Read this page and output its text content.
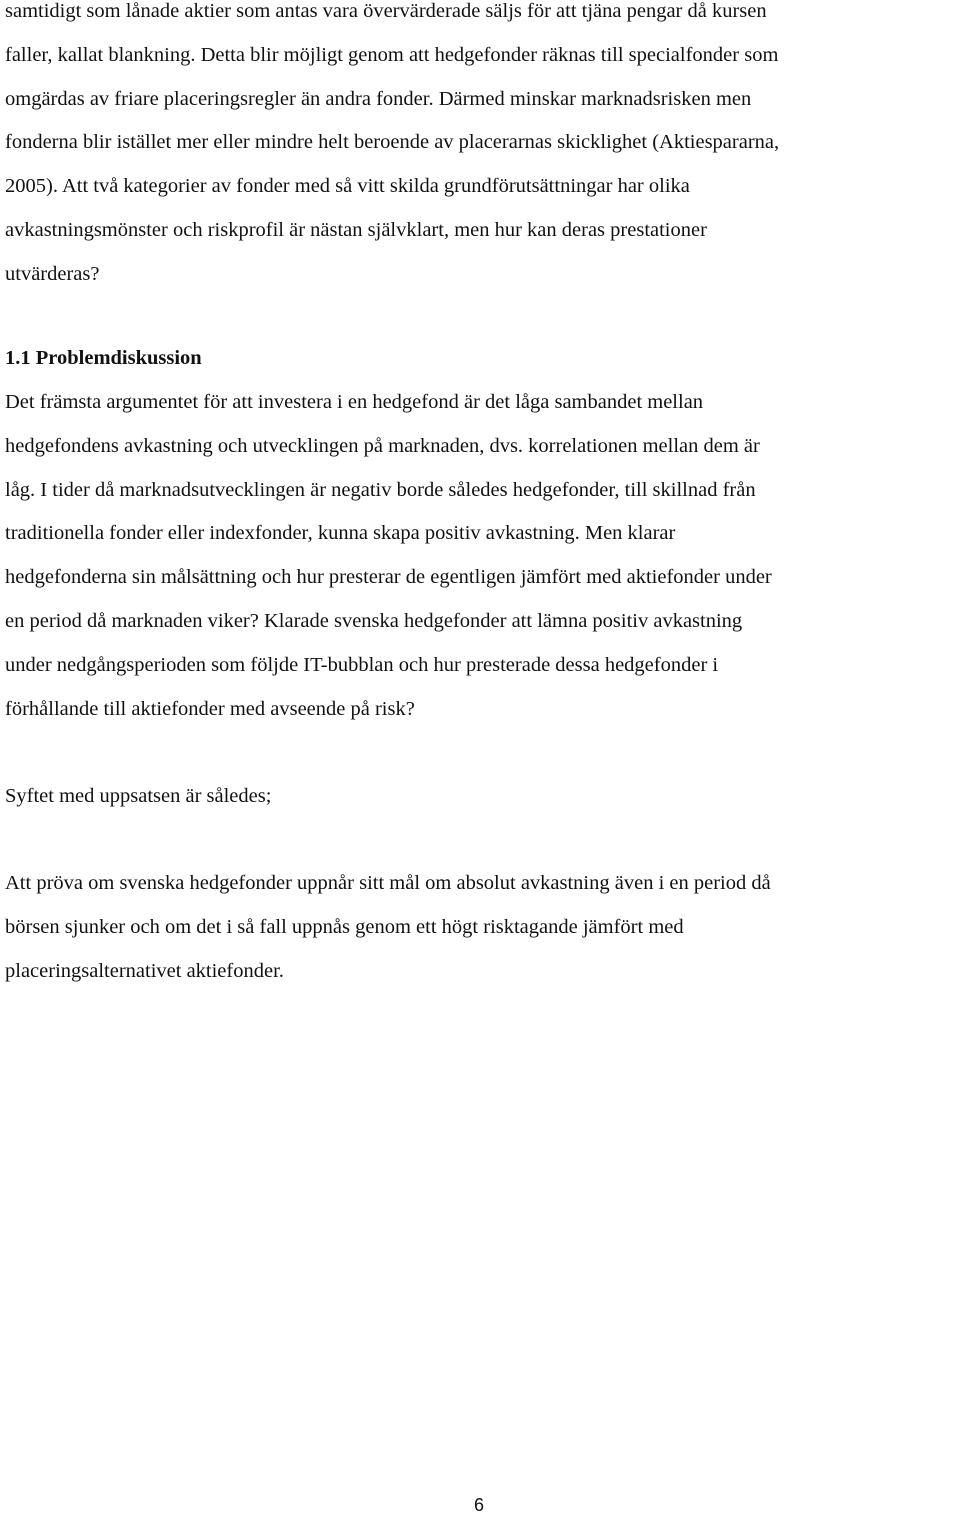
samtidigt som lånade aktier som antas vara övervärderade säljs för att tjäna pengar då kursen
faller, kallat blankning. Detta blir möjligt genom att hedgefonder räknas till specialfonder som
omgärdas av friare placeringsregler än andra fonder. Därmed minskar marknadsrisken men
fonderna blir istället mer eller mindre helt beroende av placerarnas skicklighet (Aktiespararna,
2005). Att två kategorier av fonder med så vitt skilda grundförutsättningar har olika
avkastningsmönster och riskprofil är nästan självklart, men hur kan deras prestationer
utvärderas?

1.1 Problemdiskussion

Det främsta argumentet för att investera i en hedgefond är det låga sambandet mellan
hedgefondens avkastning och utvecklingen på marknaden, dvs. korrelationen mellan dem är
låg. I tider då marknadsutvecklingen är negativ borde således hedgefonder, till skillnad från
traditionella fonder eller indexfonder, kunna skapa positiv avkastning. Men klarar
hedgefonderna sin målsättning och hur presterar de egentligen jämfört med aktiefonder under
en period då marknaden viker? Klarade svenska hedgefonder att lämna positiv avkastning
under nedgångsperioden som följde IT-bubblan och hur presterade dessa hedgefonder i
förhållande till aktiefonder med avseende på risk?

Syftet med uppsatsen är således;

Att pröva om svenska hedgefonder uppnår sitt mål om absolut avkastning även i en period då
börsen sjunker och om det i så fall uppnås genom ett högt risktagande jämfört med
placeringsalternativet aktiefonder.

6
